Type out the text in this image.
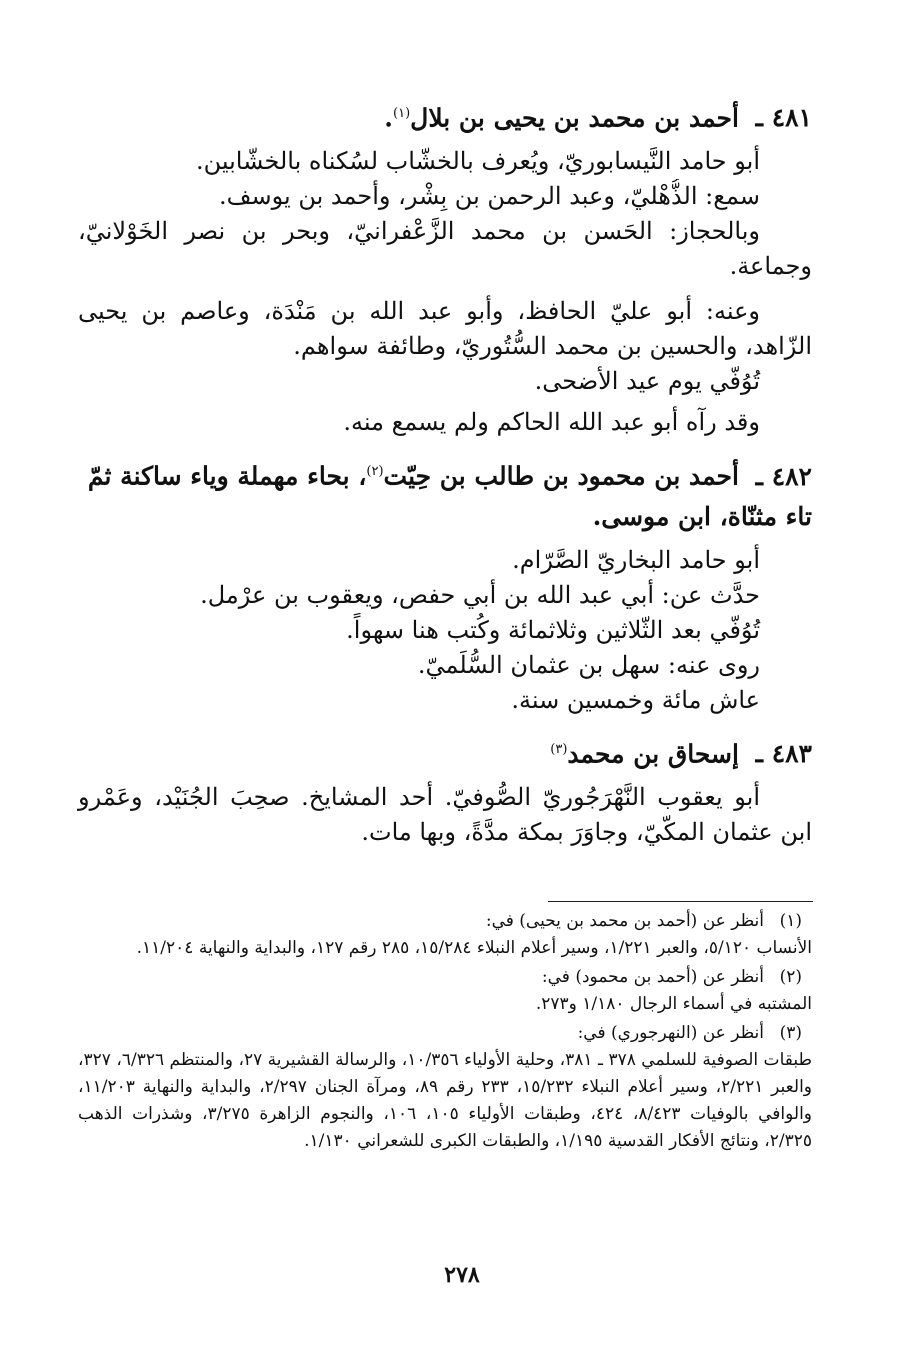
٤٨١ ـ أحمد بن محمد بن يحيى بن بلال$^{(١)}$.
أبو حامد النَّيسابوريّ، ويُعرف بالخشّاب لسُكناه بالخشّابين.
سمع: الذُّهْليّ، وعبد الرحمن بن بِشْر، وأحمد بن يوسف.
وبالحجاز: الحَسن بن محمد الزَّعْفرانيّ، وبحر بن نصر الخَوْلانيّ، وجماعة.
وعنه: أبو عليّ الحافظ، وأبو عبد الله بن مَنْدَة، وعاصم بن يحيى الزّاهد، والحسين بن محمد السُّتُوريّ، وطائفة سواهم.
تُوُفّي يوم عيد الأضحى.
وقد رآه أبو عبد الله الحاكم ولم يسمع منه.
٤٨٢ ـ أحمد بن محمود بن طالب بن حِيّت$^{(٢)}$، بحاء مهملة وياء ساكنة ثمّ تاء مثنّاة، ابن موسى.
أبو حامد البخاريّ الصَّرّام.
حدَّث عن: أبي عبد الله بن أبي حفص، ويعقوب بن عرْمل.
تُوُفّي بعد الثّلاثين وثلاثمائة وكُتب هنا سهواً.
روى عنه: سهل بن عثمان السُّلَميّ.
عاش مائة وخمسين سنة.
٤٨٣ ـ إسحاق بن محمد$^{(٣)}$
أبو يعقوب النَّهْرَجُوريّ الصُّوفيّ. أحد المشايخ. صحِبَ الجُنَيْد، وعَمْرو ابن عثمان المكّيّ، وجاوَرَ بمكة مدَّةً، وبها مات.
(١)
أنظر عن (أحمد بن محمد بن يحيى) في:
الأنساب ٥/١٢٠، والعبر ١/٢٢١، وسير أعلام النبلاء ١٥/٢٨٤، ٢٨٥ رقم ١٢٧، والبداية والنهاية ١١/٢٠٤.
(٢)
أنظر عن (أحمد بن محمود) في:
المشتبه في أسماء الرجال ١/١٨٠ و٢٧٣.
(٣)
أنظر عن (النهرجوري) في:
طبقات الصوفية للسلمي ٣٧٨ ـ ٣٨١، وحلية الأولياء ١٠/٣٥٦، والرسالة القشيرية ٢٧، والمنتظم ٦/٣٢٦، ٣٢٧، والعبر ٢/٢٢١، وسير أعلام النبلاء ١٥/٢٣٢، ٢٣٣ رقم ٨٩، ومرآة الجنان ٢/٢٩٧، والبداية والنهاية ١١/٢٠٣، والوافي بالوفيات ٨/٤٢٣، ٤٢٤، وطبقات الأولياء ١٠٥، ١٠٦، والنجوم الزاهرة ٣/٢٧٥، وشذرات الذهب ٢/٣٢٥، ونتائج الأفكار القدسية ١/١٩٥، والطبقات الكبرى للشعراني ١/١٣٠.
٢٧٨
